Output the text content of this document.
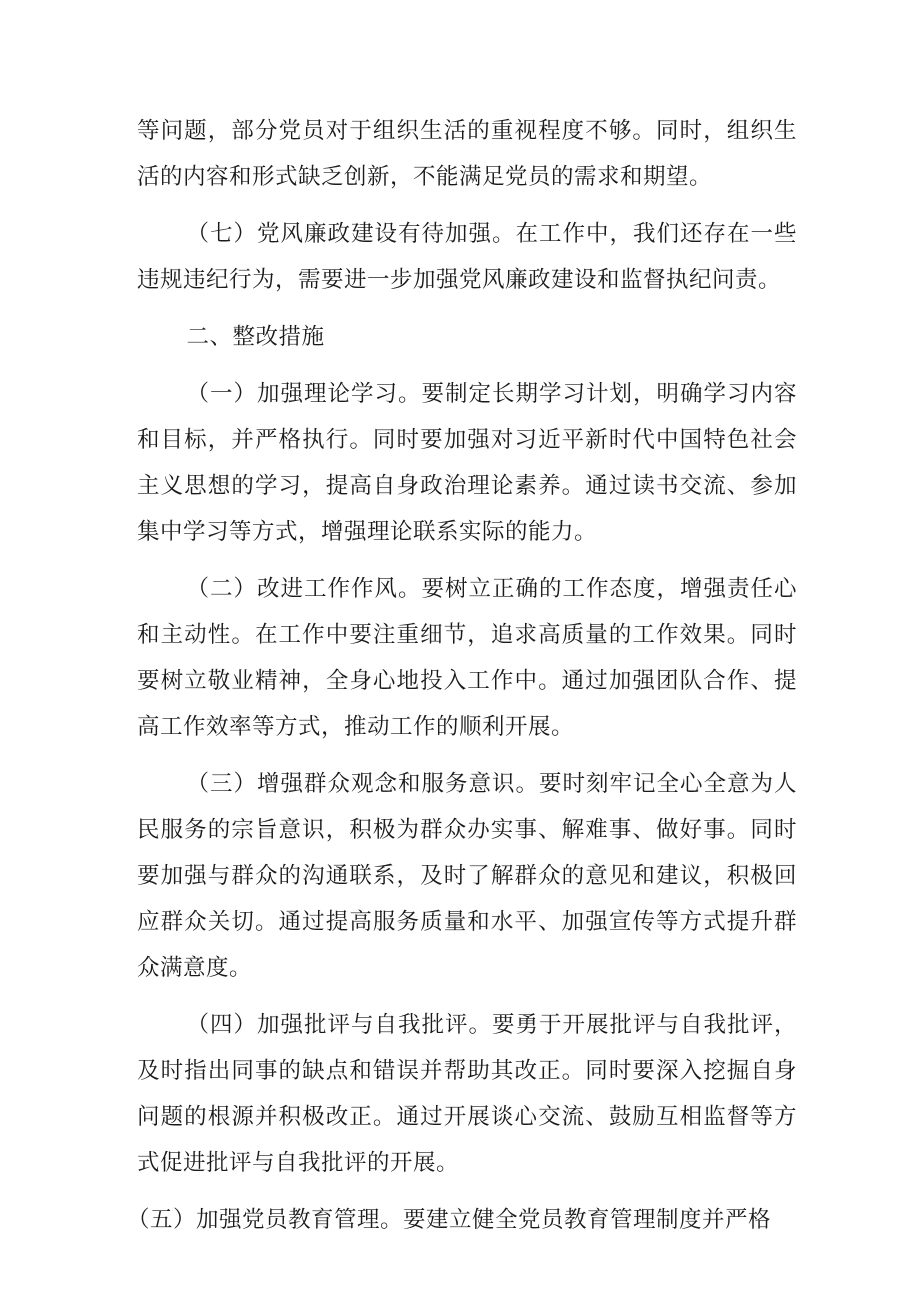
等问题，部分党员对于组织生活的重视程度不够。同时，组织生活的内容和形式缺乏创新，不能满足党员的需求和期望。

（七）党风廉政建设有待加强。在工作中，我们还存在一些违规违纪行为，需要进一步加强党风廉政建设和监督执纪问责。

二、整改措施

（一）加强理论学习。要制定长期学习计划，明确学习内容和目标，并严格执行。同时要加强对习近平新时代中国特色社会主义思想的学习，提高自身政治理论素养。通过读书交流、参加集中学习等方式，增强理论联系实际的能力。

（二）改进工作作风。要树立正确的工作态度，增强责任心和主动性。在工作中要注重细节，追求高质量的工作效果。同时要树立敬业精神，全身心地投入工作中。通过加强团队合作、提高工作效率等方式，推动工作的顺利开展。

（三）增强群众观念和服务意识。要时刻牢记全心全意为人民服务的宗旨意识，积极为群众办实事、解难事、做好事。同时要加强与群众的沟通联系，及时了解群众的意见和建议，积极回应群众关切。通过提高服务质量和水平、加强宣传等方式提升群众满意度。

（四）加强批评与自我批评。要勇于开展批评与自我批评，及时指出同事的缺点和错误并帮助其改正。同时要深入挖掘自身问题的根源并积极改正。通过开展谈心交流、鼓励互相监督等方式促进批评与自我批评的开展。

（五）加强党员教育管理。要建立健全党员教育管理制度并严格
